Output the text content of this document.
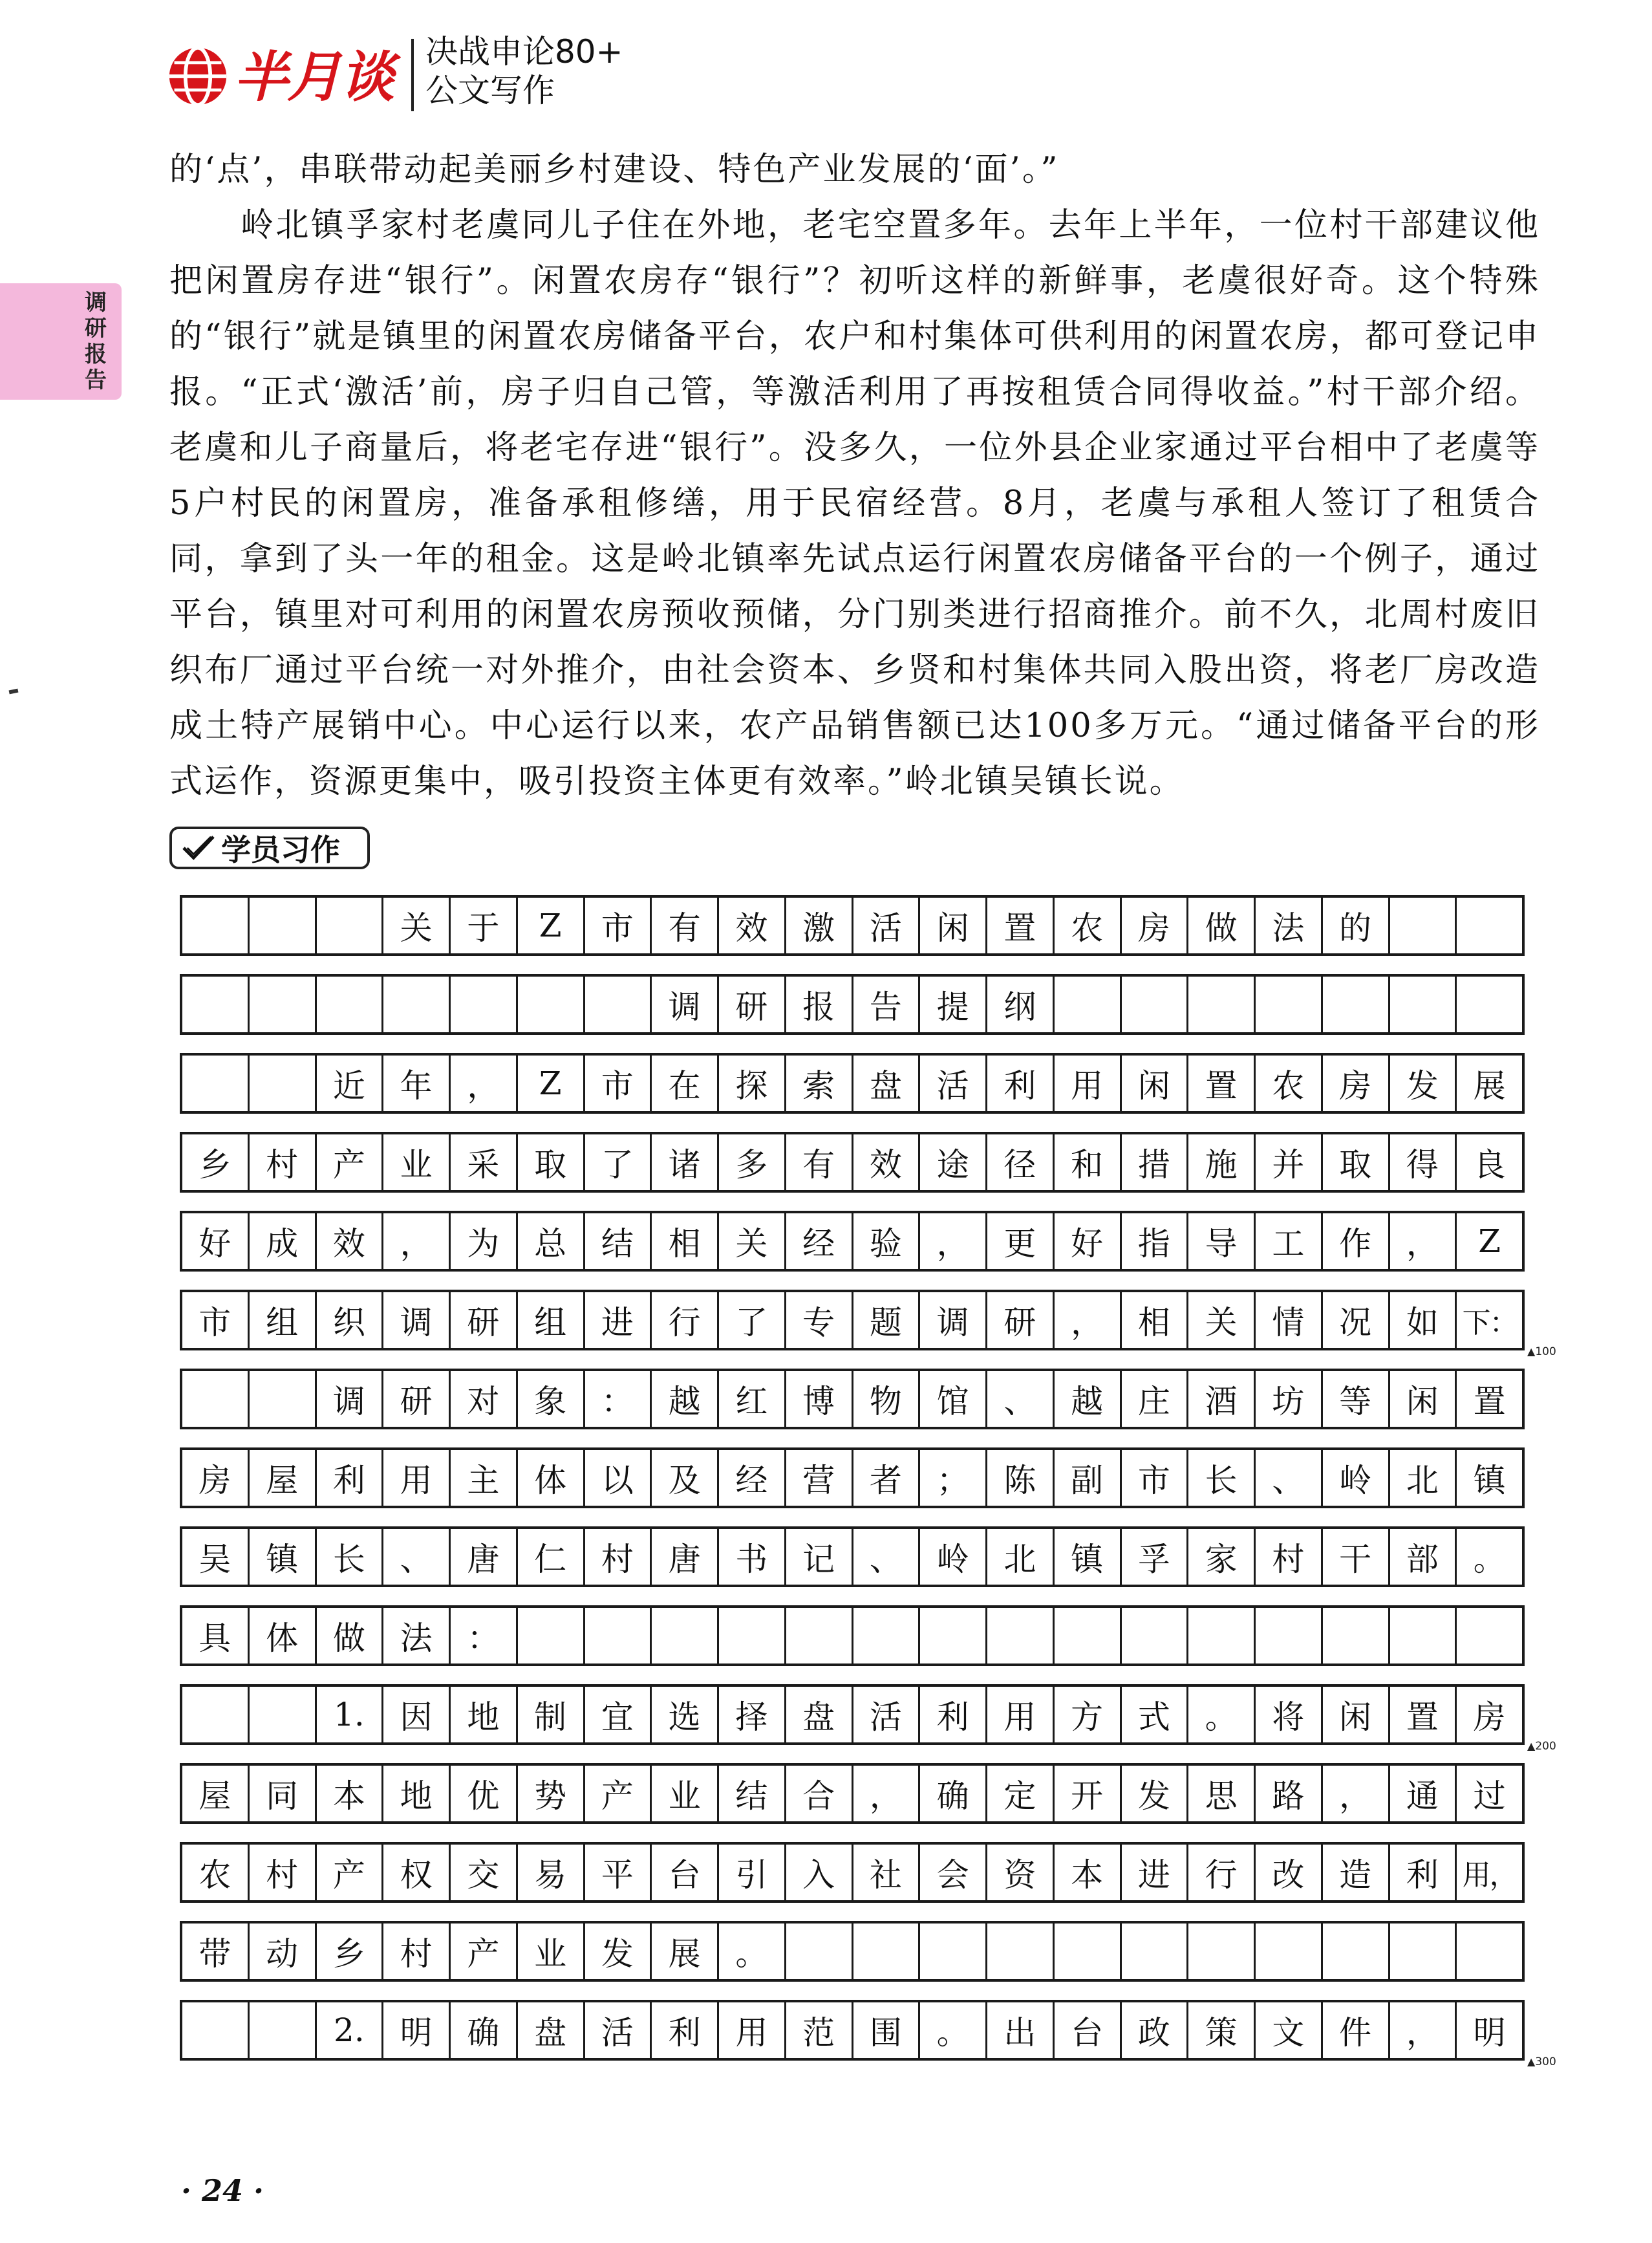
半月谈 决战申论80+
公文写作
调研报告

的‘点’，串联带动起美丽乡村建设、特色产业发展的‘面’。”

岭北镇孚家村老虞同儿子住在外地，老宅空置多年。去年上半年，一位村干部建议他把闲置房存进“银行”。闲置农房存“银行”？初听这样的新鲜事，老虞很好奇。这个特殊的“银行”就是镇里的闲置农房储备平台，农户和村集体可供利用的闲置农房，都可登记申报。“正式‘激活’前，房子归自己管，等激活利用了再按租赁合同得收益。”村干部介绍。老虞和儿子商量后，将老宅存进“银行”。没多久，一位外县企业家通过平台相中了老虞等5户村民的闲置房，准备承租修缮，用于民宿经营。8月，老虞与承租人签订了租赁合同，拿到了头一年的租金。这是岭北镇率先试点运行闲置农房储备平台的一个例子，通过平台，镇里对可利用的闲置农房预收预储，分门别类进行招商推介。前不久，北周村废旧织布厂通过平台统一对外推介，由社会资本、乡贤和村集体共同入股出资，将老厂房改造成土特产展销中心。中心运行以来，农产品销售额已达100多万元。“通过储备平台的形式运作，资源更集中，吸引投资主体更有效率。”岭北镇吴镇长说。

学员习作
关	于	Z	市	有	效	激	活	闲	置	农	房	做	法	的
调	研	报	告	提	纲
近	年	，	Z	市	在	探	索	盘	活	利	用	闲	置	农	房	发	展
乡	村	产	业	采	取	了	诸	多	有	效	途	径	和	措	施	并	取	得	良
好	成	效	，	为	总	结	相	关	经	验	，	更	好	指	导	工	作	，	Z
市	组	织	调	研	组	进	行	了	专	题	调	研	，	相	关	情	况	如 下：
调	研	对	象	：	越	红	博	物	馆	、	越	庄	酒	坊	等	闲	置
房	屋	利	用	主	体	以	及	经	营	者	；	陈	副	市	长	、	岭	北	镇
吴	镇	长	、	唐	仁	村	唐	书	记	、	岭	北	镇	孚	家	村	干	部	。
具	体	做	法	：
1.	因	地	制	宜	选	择	盘	活	利	用	方	式	。	将	闲	置	房
屋	同	本	地	优	势	产	业	结	合	，	确	定	开	发	思	路	，	通	过
农	村	产	权	交	易	平	台	引	入	社	会	资	本	进	行	改	造	利 用，
带	动	乡	村	产	业	发	展	。
2.	明	确	盘	活	利	用	范	围	。	出	台	政	策	文	件	，	明
▲100
▲200
▲300
· 24 ·
